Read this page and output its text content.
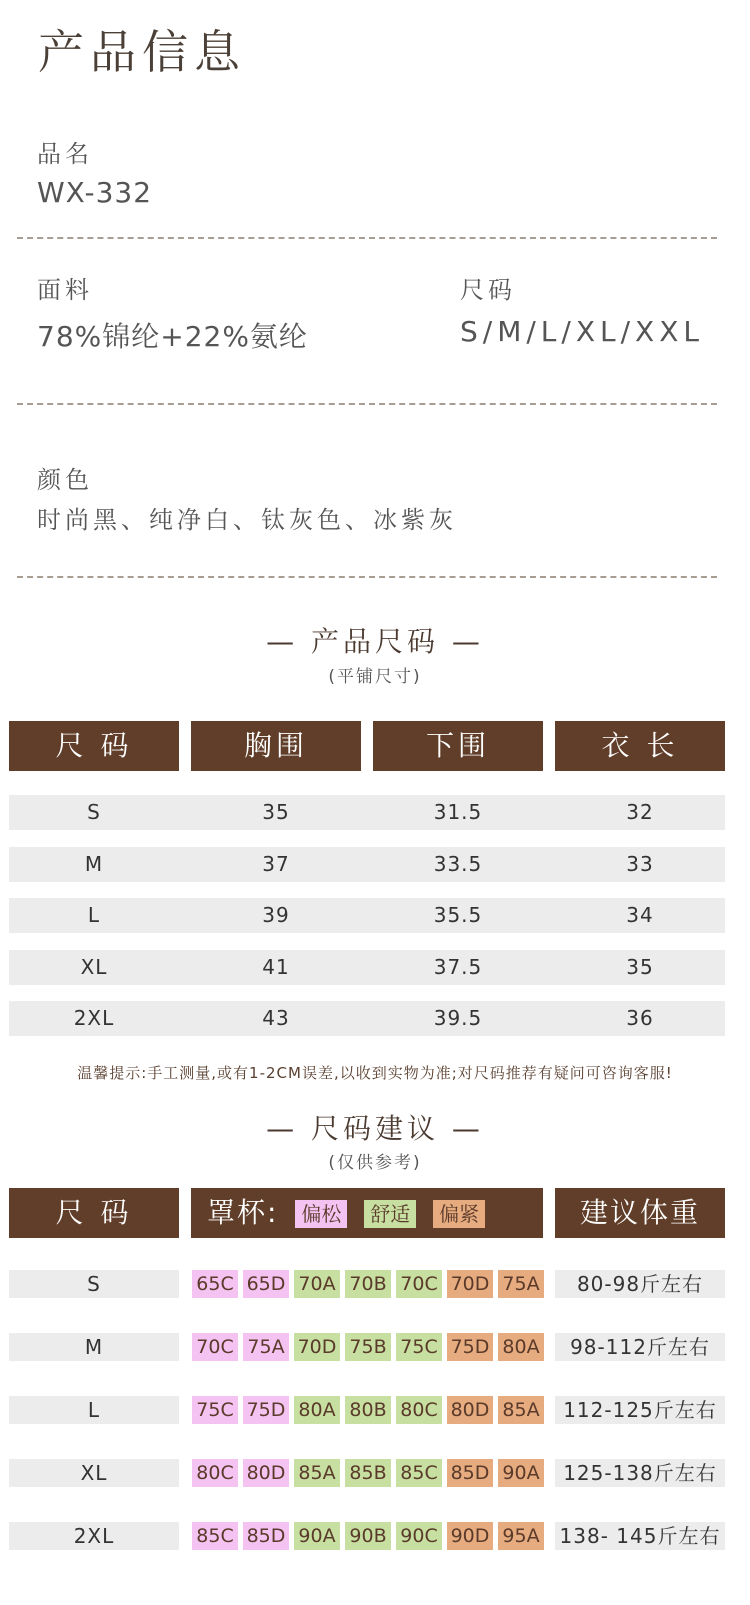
产品信息
品名
WX-332
面料
78%锦纶+22%氨纶
尺码
S/M/L/XL/XXL
颜色
时尚黑、纯净白、钛灰色、冰紫灰
— 产品尺码 —
(平铺尺寸)
尺 码	胸围	下围	衣 长
S	35	31.5	32
M	37	33.5	33
L	39	35.5	34
XL	41	37.5	35
2XL	43	39.5	36
温馨提示:手工测量,或有1-2CM误差,以收到实物为准;对尺码推荐有疑问可咨询客服!
— 尺码建议 —
(仅供参考)
尺 码	罩杯: 偏松 舒适 偏紧	建议体重
S	65C 65D 70A 70B 70C 70D 75A	80-98斤左右
M	70C 75A 70D 75B 75C 75D 80A	98-112斤左右
L	75C 75D 80A 80B 80C 80D 85A	112-125斤左右
XL	80C 80D 85A 85B 85C 85D 90A	125-138斤左右
2XL	85C 85D 90A 90B 90C 90D 95A 138- 145斤左右
